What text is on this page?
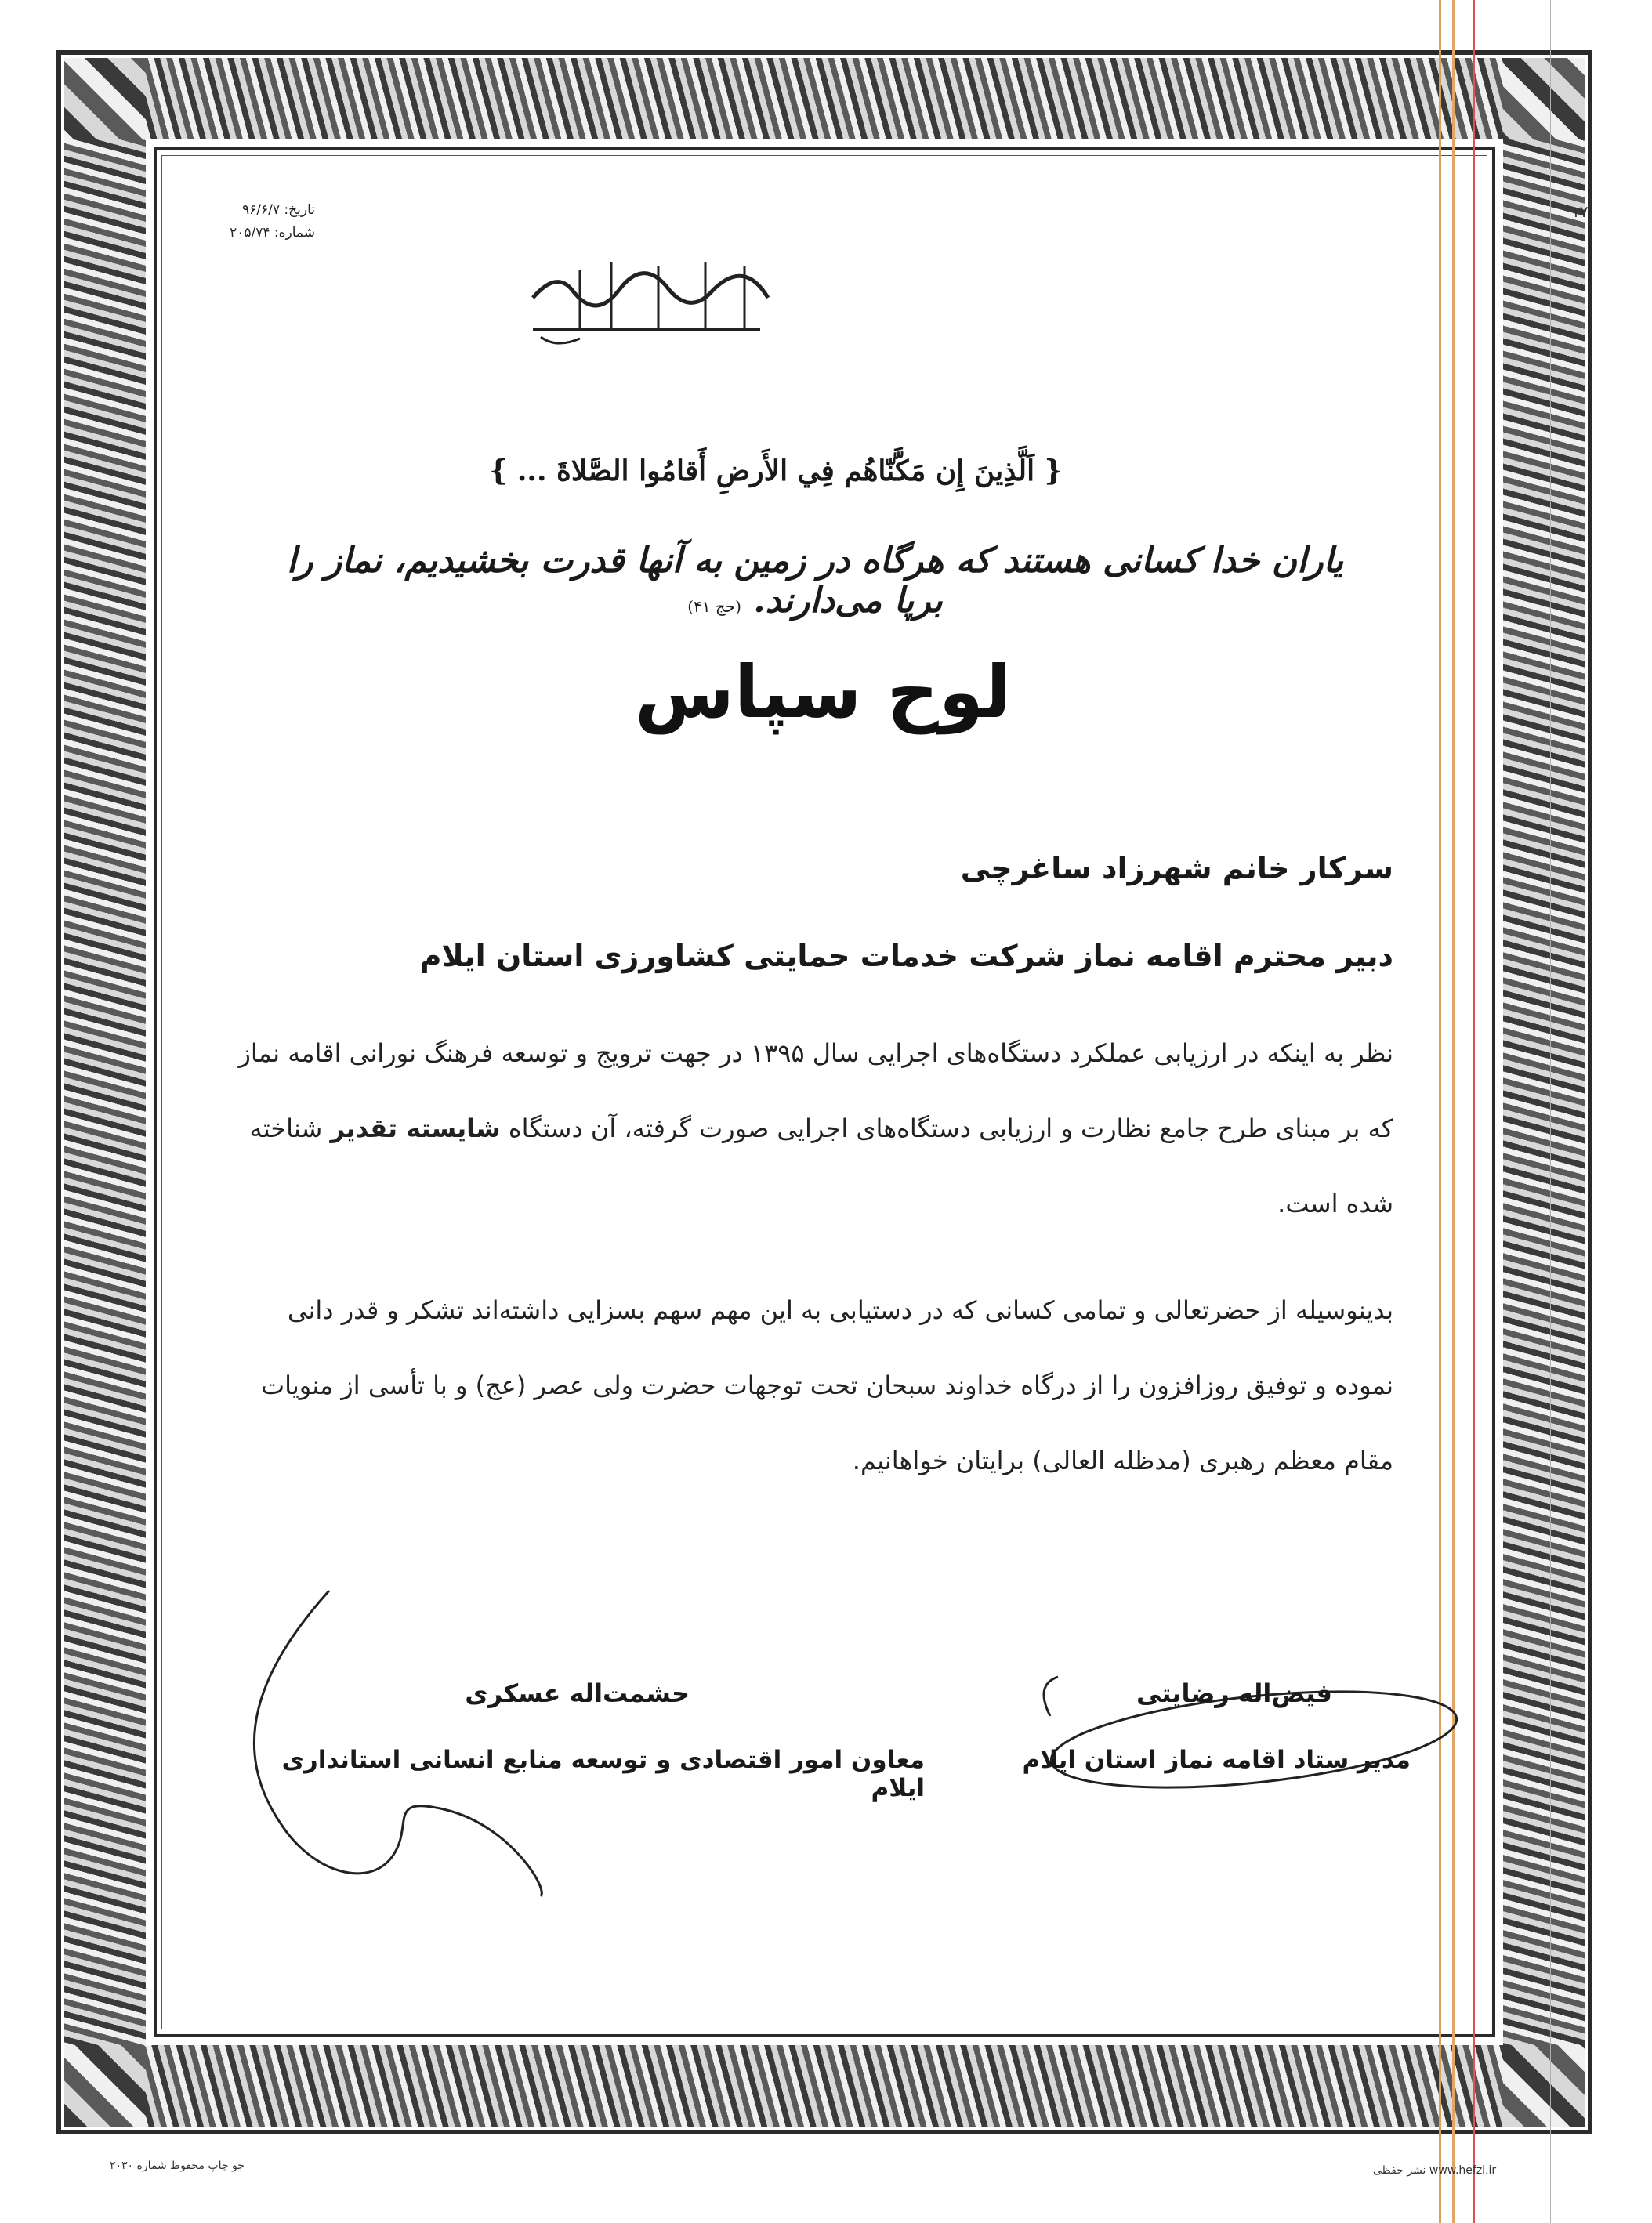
تاریخ: ۹۶/۶/۷
شماره: ۲۰۵/۷۴
۱۷
{ اَلَّذِينَ إِن مَكَّنّاهُم فِي الأَرضِ أَقامُوا الصَّلاةَ ... }
یاران خدا کسانی هستند که هرگاه در زمین به آنها قدرت بخشیدیم، نماز را برپا می‌دارند. (حج ۴۱)
لوح سپاس
سرکار خانم شهرزاد ساغرچی
دبیر محترم اقامه نماز شرکت خدمات حمایتی کشاورزی استان ایلام
نظر به اینکه در ارزیابی عملکرد دستگاه‌های اجرایی سال ۱۳۹۵ در جهت ترویج و توسعه فرهنگ نورانی اقامه نماز که بر مبنای طرح جامع نظارت و ارزیابی دستگاه‌های اجرایی صورت گرفته، آن دستگاه شایسته تقدیر شناخته شده است.
بدینوسیله از حضرتعالی و تمامی کسانی که در دستیابی به این مهم سهم بسزایی داشته‌اند تشکر و قدر دانی نموده و توفیق روزافزون را از درگاه خداوند سبحان تحت توجهات حضرت ولی عصر (عج) و با تأسی از منویات مقام معظم رهبری (مدظله العالی) برایتان خواهانیم.
فیض‌اله رضایتی
مدیر ستاد اقامه نماز استان ایلام
حشمت‌اله عسکری
معاون امور اقتصادی و توسعه منابع انسانی استانداری ایلام
جو چاپ محفوظ شماره ۲۰۳۰	www.hefzi.ir نشر حفظی
